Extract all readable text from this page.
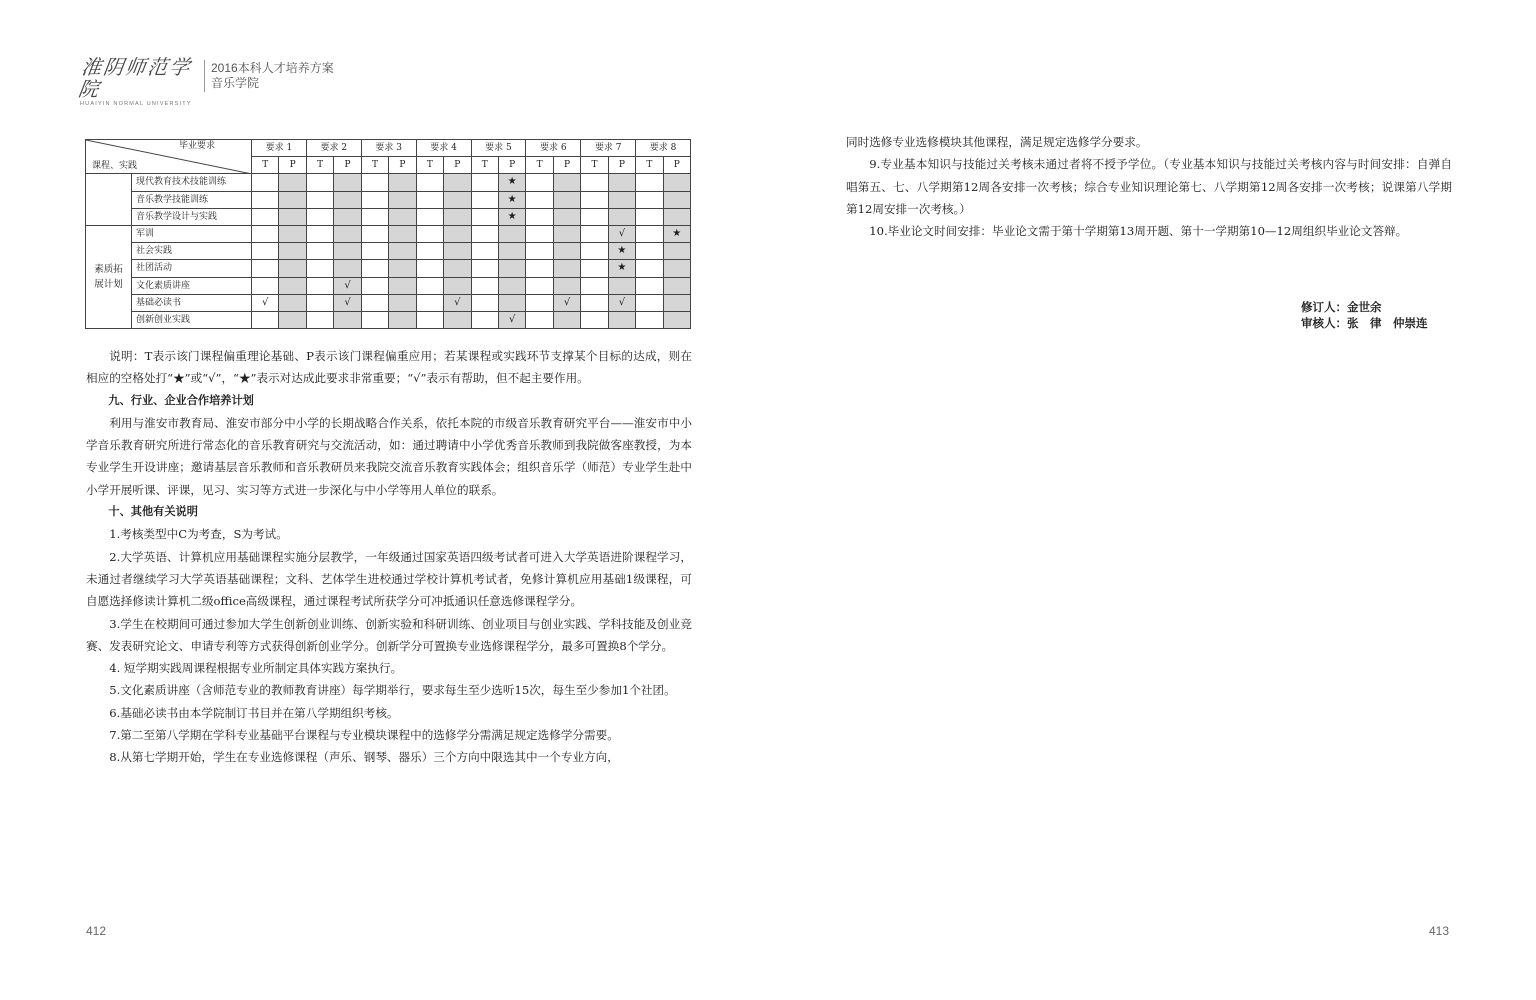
淮阴师范学院
HUAIYIN NORMAL UNIVERSITY
2016本科人才培养方案
音乐学院
毕业要求
课程、实践		要求 1		要求 2		要求 3		要求 4		要求 5		要求 6		要求 7		要求 8	
		T	P	T	P	T	P	T	P	T	P	T	P	T	P	T	P
	现代教育技术技能训练										★						
	音乐教学技能训练										★						
	音乐教学设计与实践										★						
素质拓
展计划	军训														√		★
	社会实践														★		
	社团活动														★		
	文化素质讲座				√												
	基础必读书	√			√				√				√		√		
	创新创业实践										√						

说明：T表示该门课程偏重理论基础、P表示该门课程偏重应用；若某课程或实践环节支撑某个目标的达成，则在相应的空格处打“★”或“√”，“★”表示对达成此要求非常重要；“√”表示有帮助，但不起主要作用。

九、行业、企业合作培养计划

利用与淮安市教育局、淮安市部分中小学的长期战略合作关系，依托本院的市级音乐教育研究平台——淮安市中小学音乐教育研究所进行常态化的音乐教育研究与交流活动，如：通过聘请中小学优秀音乐教师到我院做客座教授，为本专业学生开设讲座；邀请基层音乐教师和音乐教研员来我院交流音乐教育实践体会；组织音乐学（师范）专业学生赴中小学开展听课、评课，见习、实习等方式进一步深化与中小学等用人单位的联系。

十、其他有关说明

1.考核类型中C为考查，S为考试。

2.大学英语、计算机应用基础课程实施分层教学，一年级通过国家英语四级考试者可进入大学英语进阶课程学习，未通过者继续学习大学英语基础课程；文科、艺体学生进校通过学校计算机考试者，免修计算机应用基础1级课程，可自愿选择修读计算机二级office高级课程，通过课程考试所获学分可冲抵通识任意选修课程学分。

3.学生在校期间可通过参加大学生创新创业训练、创新实验和科研训练、创业项目与创业实践、学科技能及创业竞赛、发表研究论文、申请专利等方式获得创新创业学分。创新学分可置换专业选修课程学分，最多可置换8个学分。

4. 短学期实践周课程根据专业所制定具体实践方案执行。

5.文化素质讲座（含师范专业的教师教育讲座）每学期举行，要求每生至少选听15次，每生至少参加1个社团。

6.基础必读书由本学院制订书目并在第八学期组织考核。

7.第二至第八学期在学科专业基础平台课程与专业模块课程中的选修学分需满足规定选修学分需要。

8.从第七学期开始，学生在专业选修课程（声乐、钢琴、器乐）三个方向中限选其中一个专业方向，

412

同时选修专业选修模块其他课程，满足规定选修学分要求。

9.专业基本知识与技能过关考核未通过者将不授予学位。（专业基本知识与技能过关考核内容与时间安排：自弹自唱第五、七、八学期第12周各安排一次考核；综合专业知识理论第七、八学期第12周各安排一次考核；说课第八学期第12周安排一次考核。）

10.毕业论文时间安排：毕业论文需于第十学期第13周开题、第十一学期第10—12周组织毕业论文答辩。

修订人：金世余
审核人：张　律　仲崇连
413
